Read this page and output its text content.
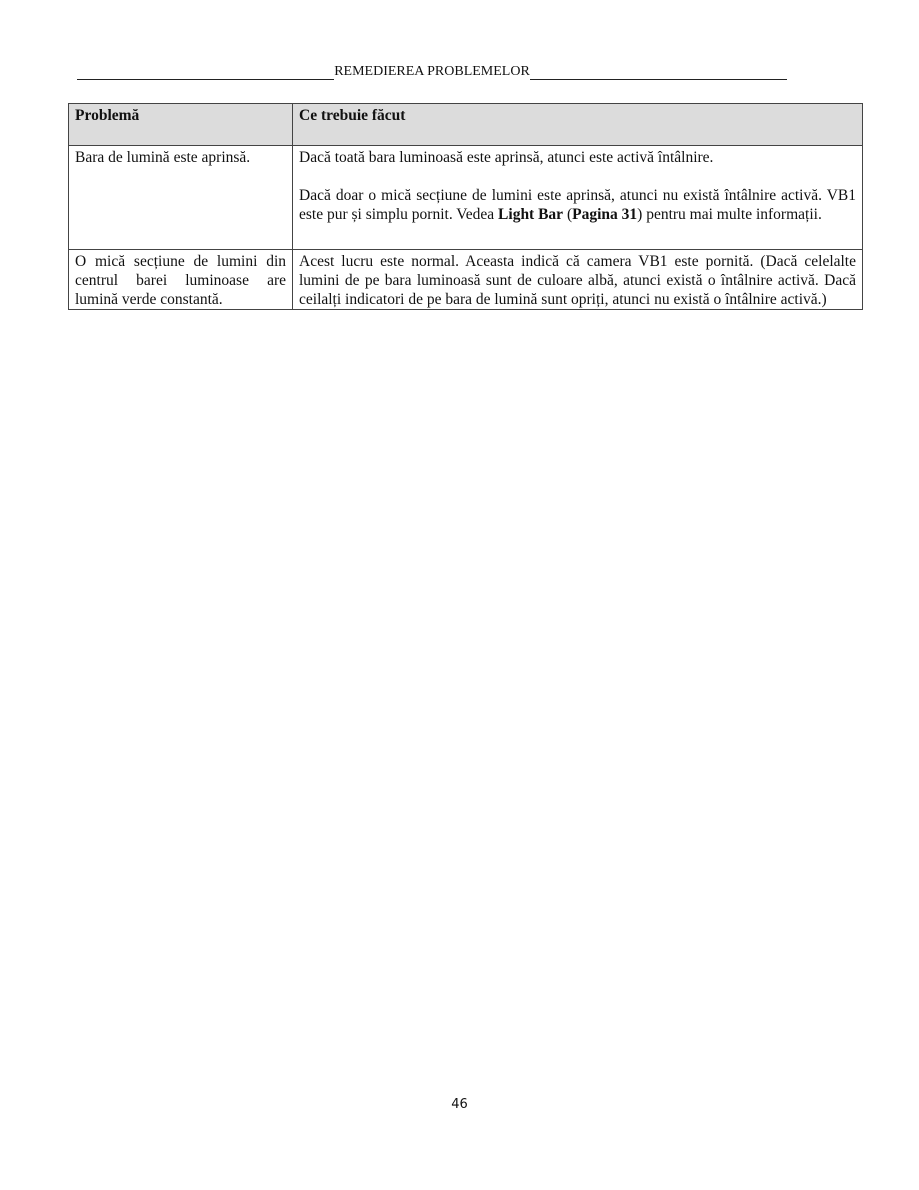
REMEDIEREA PROBLEMELOR
Problemă	Ce trebuie făcut
Bara de lumină este aprinsă.	Dacă toată bara luminoasă este aprinsă, atunci este activă întâlnire.

Dacă doar o mică secțiune de lumini este aprinsă, atunci nu există întâlnire activă. VB1 este pur și simplu pornit. Vedea Light Bar (Pagina 31) pentru mai multe informații.

O mică secțiune de lumini din centrul barei luminoase are lumină verde constantă.	Acest lucru este normal. Aceasta indică că camera VB1 este pornită. (Dacă celelalte lumini de pe bara luminoasă sunt de culoare albă, atunci există o întâlnire activă. Dacă ceilalți indicatori de pe bara de lumină sunt opriți, atunci nu există o întâlnire activă.)
46
